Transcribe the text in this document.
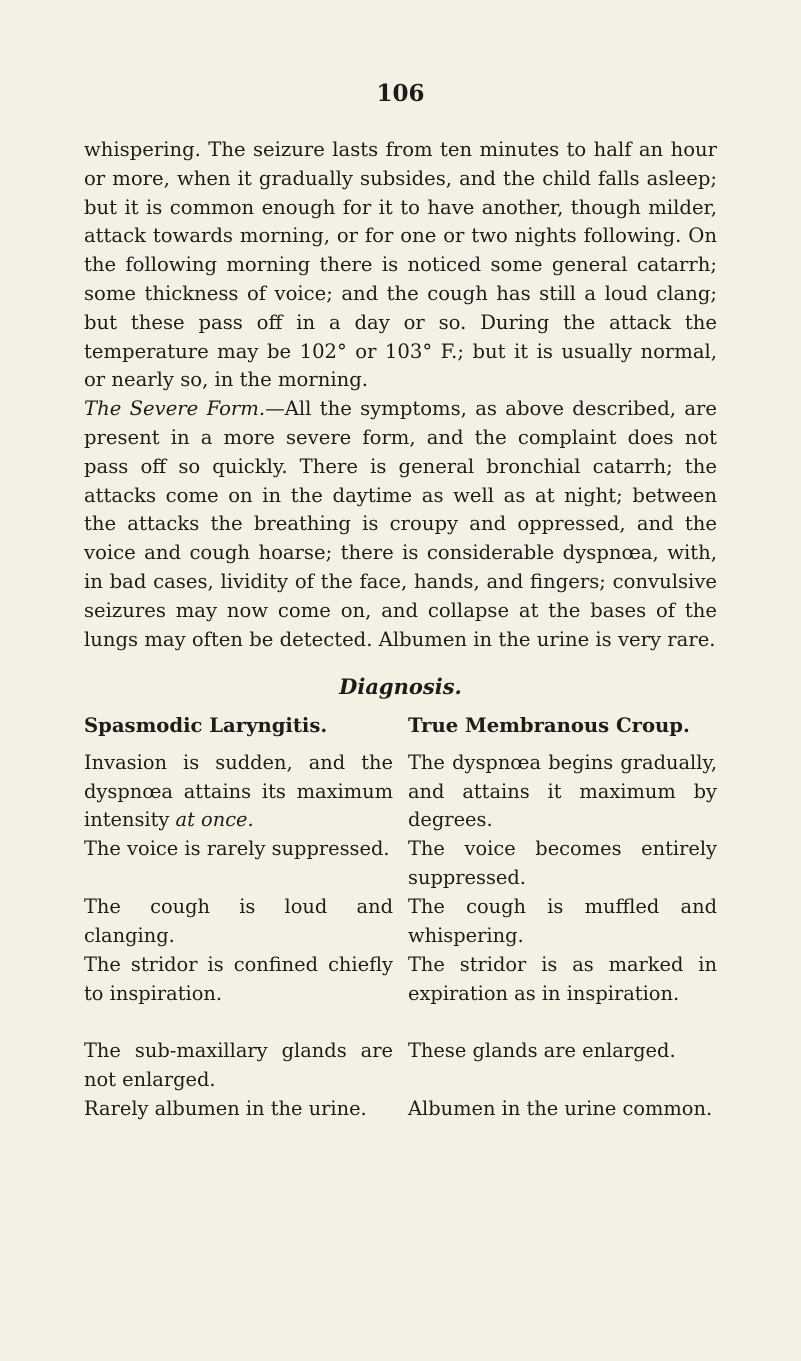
106

whispering. The seizure lasts from ten minutes to half an hour or more, when it gradually subsides, and the child falls asleep; but it is common enough for it to have another, though milder, attack towards morning, or for one or two nights following. On the following morning there is noticed some general catarrh; some thickness of voice; and the cough has still a loud clang; but these pass off in a day or so. During the attack the temperature may be 102° or 103° F.; but it is usually normal, or nearly so, in the morning.

The Severe Form.—All the symptoms, as above described, are present in a more severe form, and the complaint does not pass off so quickly. There is general bronchial catarrh; the attacks come on in the daytime as well as at night; between the attacks the breathing is croupy and oppressed, and the voice and cough hoarse; there is considerable dyspnœa, with, in bad cases, lividity of the face, hands, and fingers; convulsive seizures may now come on, and collapse at the bases of the lungs may often be detected. Albumen in the urine is very rare.

Diagnosis.
Spasmodic Laryngitis.
Invasion is sudden, and the dyspnœa attains its maximum intensity at once.
The voice is rarely suppressed.
The cough is loud and clanging.
The stridor is confined chiefly to inspiration.
The sub-maxillary glands are not enlarged.
Rarely albumen in the urine.
True Membranous Croup.
The dyspnœa begins gradually, and attains it maximum by degrees.
The voice becomes entirely suppressed.
The cough is muffled and whispering.
The stridor is as marked in expiration as in inspiration.
These glands are enlarged.
Albumen in the urine common.
